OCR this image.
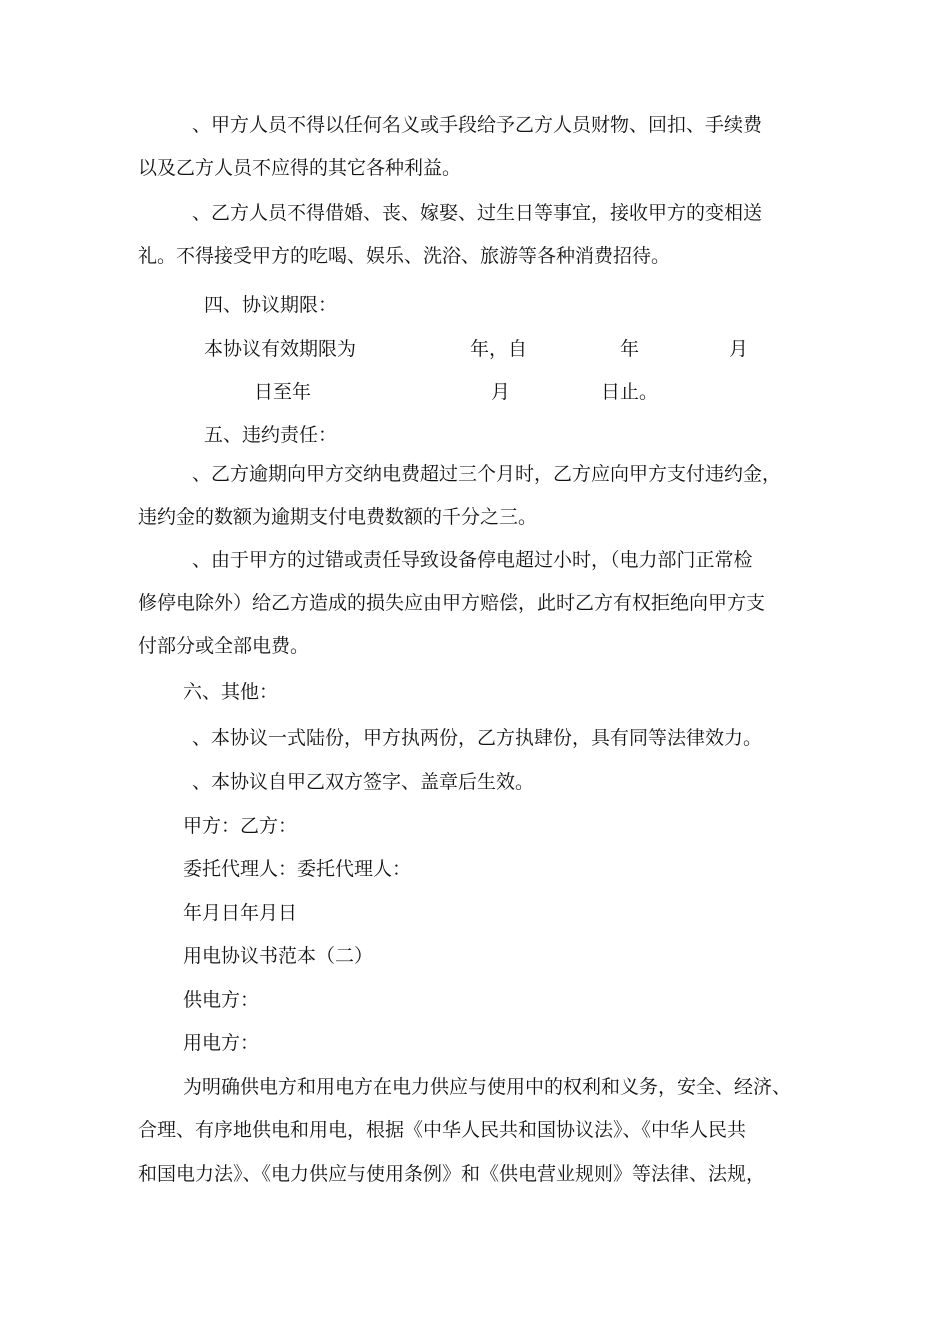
、甲方人员不得以任何名义或手段给予乙方人员财物、回扣、手续费

以及乙方人员不应得的其它各种利益。

、乙方人员不得借婚、丧、嫁娶、过生日等事宜，接收甲方的变相送

礼。不得接受甲方的吃喝、娱乐、洗浴、旅游等各种消费招待。

四、协议期限：

本协议有效期限为	年，自	年	月
日至年	月	日止。

五、违约责任：

、乙方逾期向甲方交纳电费超过三个月时，乙方应向甲方支付违约金，

违约金的数额为逾期支付电费数额的千分之三。

、由于甲方的过错或责任导致设备停电超过小时，（电力部门正常检

修停电除外）给乙方造成的损失应由甲方赔偿，此时乙方有权拒绝向甲方支

付部分或全部电费。

六、其他：

、本协议一式陆份，甲方执两份，乙方执肆份，具有同等法律效力。

、本协议自甲乙双方签字、盖章后生效。

甲方：乙方：

委托代理人：委托代理人：

年月日年月日

用电协议书范本（二）

供电方：

用电方：

为明确供电方和用电方在电力供应与使用中的权利和义务，安全、经济、

合理、有序地供电和用电，根据《中华人民共和国协议法》、《中华人民共

和国电力法》、《电力供应与使用条例》和《供电营业规则》等法律、法规，
